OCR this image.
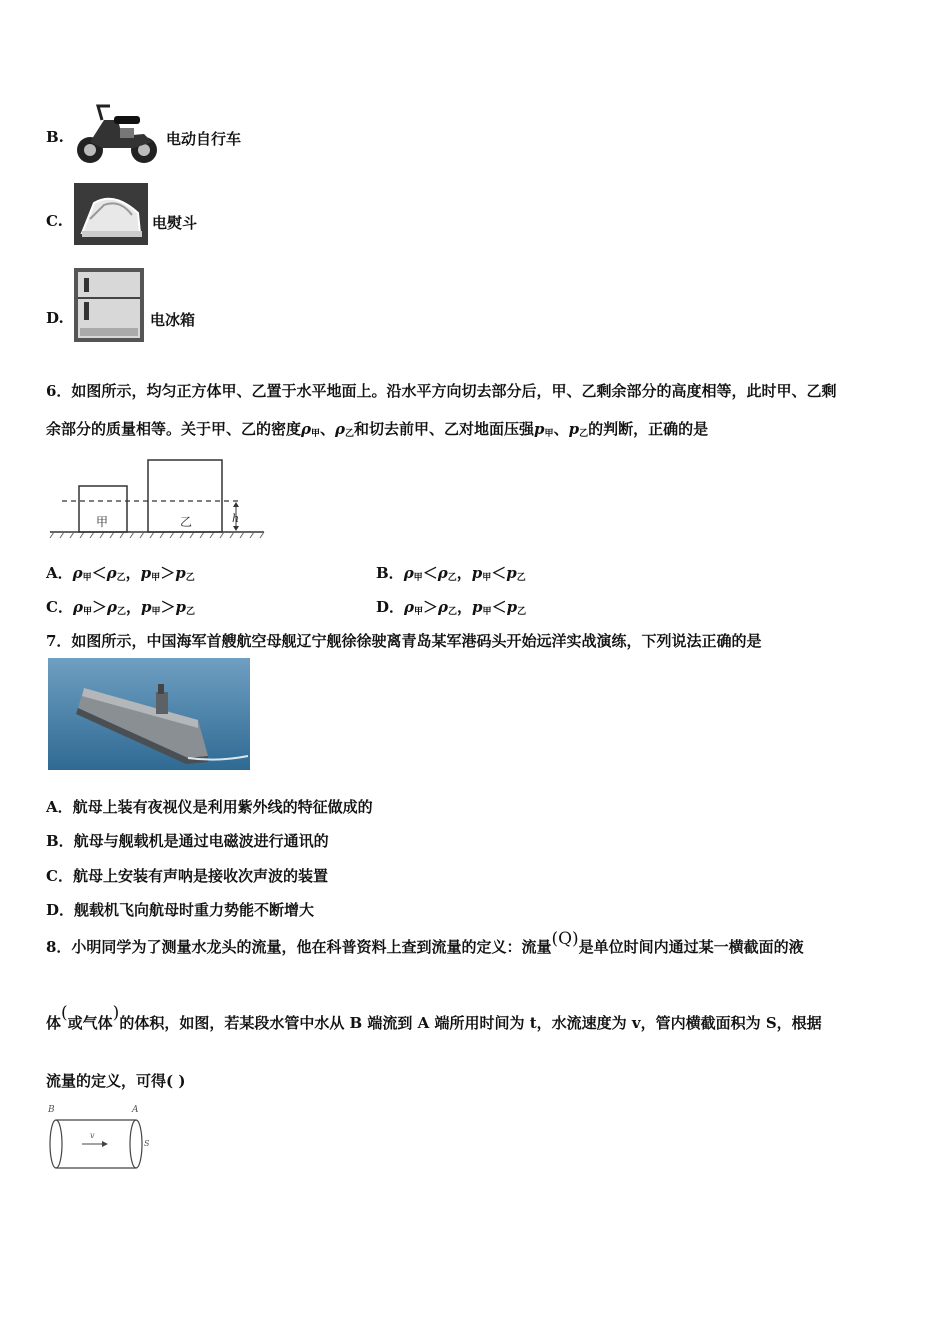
B.	电动自行车
C.	电熨斗
D.	电冰箱
6．如图所示，均匀正方体甲、乙置于水平地面上。沿水平方向切去部分后，甲、乙剩余部分的高度相等，此时甲、乙剩
余部分的质量相等。关于甲、乙的密度$\rho_甲$、$\rho_乙$和切去前甲、乙对地面压强$p_甲$、$p_乙$的判断，正确的是
甲	乙	h
A．$\rho_甲<\rho_乙$，$p_甲>p_乙$	B．$\rho_甲<\rho_乙$，$p_甲<p_乙$
C．$\rho_甲>\rho_乙$，$p_甲>p_乙$	D．$\rho_甲>\rho_乙$，$p_甲<p_乙$
7．如图所示，中国海军首艘航空母舰辽宁舰徐徐驶离青岛某军港码头开始远洋实战演练，下列说法正确的是
A．航母上装有夜视仪是利用紫外线的特征做成的
B．航母与舰载机是通过电磁波进行通讯的
C．航母上安装有声呐是接收次声波的装置
D．舰载机飞向航母时重力势能不断增大
8．小明同学为了测量水龙头的流量，他在科普资料上查到流量的定义：流量(Q)是单位时间内通过某一横截面的液
体(或气体)的体积，如图，若某段水管中水从 B 端流到 A 端所用时间为 t，水流速度为 v，管内横截面积为 S，根据
流量的定义，可得( )
B	A
v
S
